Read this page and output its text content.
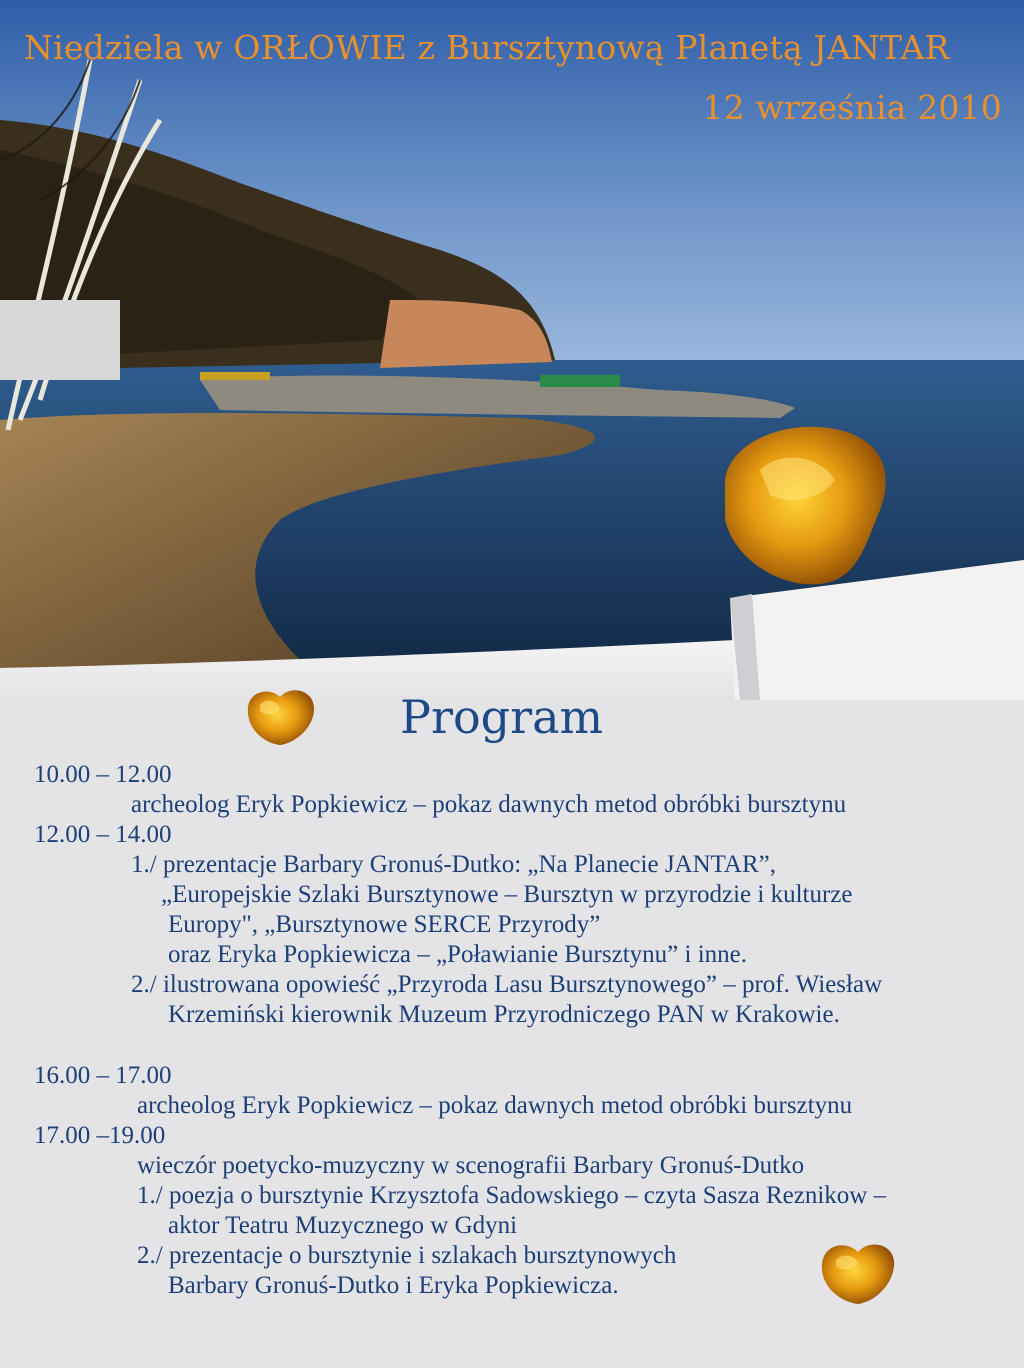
Niedziela w ORŁOWIE z Bursztynową Planetą JANTAR
12 września 2010
Program
10.00 – 12.00
archeolog Eryk Popkiewicz – pokaz dawnych metod obróbki bursztynu
12.00 – 14.00
1./ prezentacje Barbary Gronuś-Dutko: „Na Planecie JANTAR”,
„Europejskie Szlaki Bursztynowe – Bursztyn w przyrodzie i kulturze
Europy", „Bursztynowe SERCE Przyrody”
oraz Eryka Popkiewicza – „Poławianie Bursztynu” i inne.
2./ ilustrowana opowieść „Przyroda Lasu Bursztynowego” – prof. Wiesław
Krzemiński kierownik Muzeum Przyrodniczego PAN w Krakowie.
16.00 – 17.00
archeolog Eryk Popkiewicz – pokaz dawnych metod obróbki bursztynu
17.00 –19.00
wieczór poetycko-muzyczny w scenografii Barbary Gronuś-Dutko
1./ poezja o bursztynie Krzysztofa Sadowskiego – czyta Sasza Reznikow –
aktor Teatru Muzycznego w Gdyni
2./ prezentacje o bursztynie i szlakach bursztynowych
Barbary Gronuś-Dutko i Eryka Popkiewicza.
